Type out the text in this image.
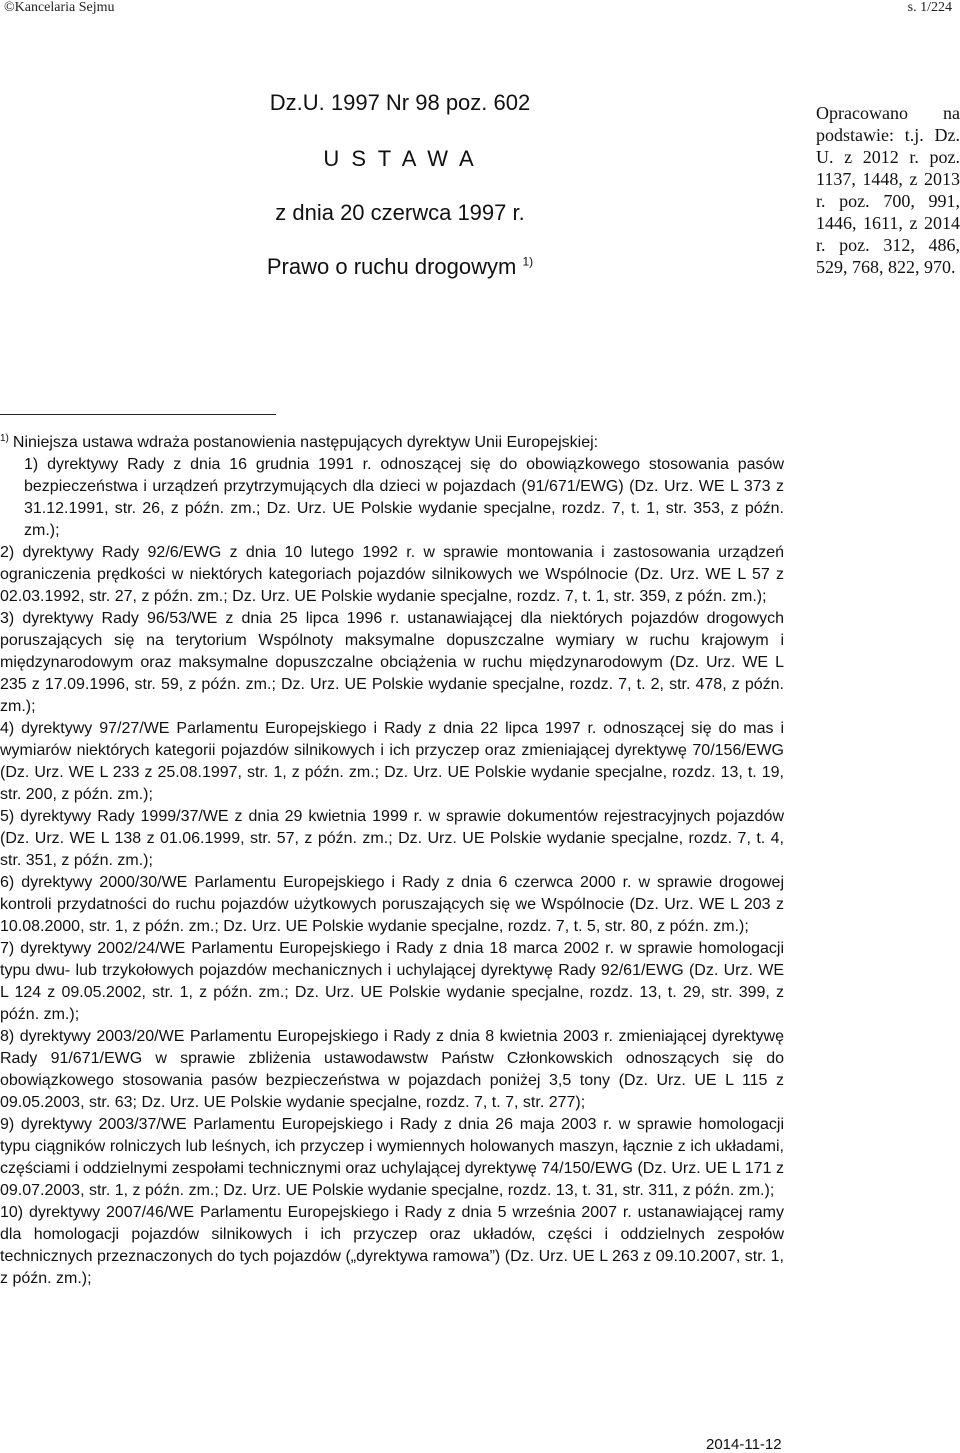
©Kancelaria Sejmu	s. 1/224
Dz.U. 1997 Nr 98 poz. 602
U S T A W A
z dnia 20 czerwca 1997 r.
Prawo o ruchu drogowym $^{1)}$
Opracowano na podstawie: t.j. Dz. U. z 2012 r. poz. 1137, 1448, z 2013 r. poz. 700, 991, 1446, 1611, z 2014 r. poz. 312, 486, 529, 768, 822, 970.
$^{1)}$ Niniejsza ustawa wdraża postanowienia następujących dyrektyw Unii Europejskiej:
1) dyrektywy Rady z dnia 16 grudnia 1991 r. odnoszącej się do obowiązkowego stosowania pasów bezpieczeństwa i urządzeń przytrzymujących dla dzieci w pojazdach (91/671/EWG) (Dz. Urz. WE L 373 z 31.12.1991, str. 26, z późn. zm.; Dz. Urz. UE Polskie wydanie specjalne, rozdz. 7, t. 1, str. 353, z późn. zm.);
2) dyrektywy Rady 92/6/EWG z dnia 10 lutego 1992 r. w sprawie montowania i zastosowania urządzeń ograniczenia prędkości w niektórych kategoriach pojazdów silnikowych we Wspólnocie (Dz. Urz. WE L 57 z 02.03.1992, str. 27, z późn. zm.; Dz. Urz. UE Polskie wydanie specjalne, rozdz. 7, t. 1, str. 359, z późn. zm.);
3) dyrektywy Rady 96/53/WE z dnia 25 lipca 1996 r. ustanawiającej dla niektórych pojazdów drogowych poruszających się na terytorium Wspólnoty maksymalne dopuszczalne wymiary w ruchu krajowym i międzynarodowym oraz maksymalne dopuszczalne obciążenia w ruchu międzynarodowym (Dz. Urz. WE L 235 z 17.09.1996, str. 59, z późn. zm.; Dz. Urz. UE Polskie wydanie specjalne, rozdz. 7, t. 2, str. 478, z późn. zm.);
4) dyrektywy 97/27/WE Parlamentu Europejskiego i Rady z dnia 22 lipca 1997 r. odnoszącej się do mas i wymiarów niektórych kategorii pojazdów silnikowych i ich przyczep oraz zmieniającej dyrektywę 70/156/EWG (Dz. Urz. WE L 233 z 25.08.1997, str. 1, z późn. zm.; Dz. Urz. UE Polskie wydanie specjalne, rozdz. 13, t. 19, str. 200, z późn. zm.);
5) dyrektywy Rady 1999/37/WE z dnia 29 kwietnia 1999 r. w sprawie dokumentów rejestracyjnych pojazdów (Dz. Urz. WE L 138 z 01.06.1999, str. 57, z późn. zm.; Dz. Urz. UE Polskie wydanie specjalne, rozdz. 7, t. 4, str. 351, z późn. zm.);
6) dyrektywy 2000/30/WE Parlamentu Europejskiego i Rady z dnia 6 czerwca 2000 r. w sprawie drogowej kontroli przydatności do ruchu pojazdów użytkowych poruszających się we Wspólnocie (Dz. Urz. WE L 203 z 10.08.2000, str. 1, z późn. zm.; Dz. Urz. UE Polskie wydanie specjalne, rozdz. 7, t. 5, str. 80, z późn. zm.);
7) dyrektywy 2002/24/WE Parlamentu Europejskiego i Rady z dnia 18 marca 2002 r. w sprawie homologacji typu dwu- lub trzykołowych pojazdów mechanicznych i uchylającej dyrektywę Rady 92/61/EWG (Dz. Urz. WE L 124 z 09.05.2002, str. 1, z późn. zm.; Dz. Urz. UE Polskie wydanie specjalne, rozdz. 13, t. 29, str. 399, z późn. zm.);
8) dyrektywy 2003/20/WE Parlamentu Europejskiego i Rady z dnia 8 kwietnia 2003 r. zmieniającej dyrektywę Rady 91/671/EWG w sprawie zbliżenia ustawodawstw Państw Członkowskich odnoszących się do obowiązkowego stosowania pasów bezpieczeństwa w pojazdach poniżej 3,5 tony (Dz. Urz. UE L 115 z 09.05.2003, str. 63; Dz. Urz. UE Polskie wydanie specjalne, rozdz. 7, t. 7, str. 277);
9) dyrektywy 2003/37/WE Parlamentu Europejskiego i Rady z dnia 26 maja 2003 r. w sprawie homologacji typu ciągników rolniczych lub leśnych, ich przyczep i wymiennych holowanych maszyn, łącznie z ich układami, częściami i oddzielnymi zespołami technicznymi oraz uchylającej dyrektywę 74/150/EWG (Dz. Urz. UE L 171 z 09.07.2003, str. 1, z późn. zm.; Dz. Urz. UE Polskie wydanie specjalne, rozdz. 13, t. 31, str. 311, z późn. zm.);
10) dyrektywy 2007/46/WE Parlamentu Europejskiego i Rady z dnia 5 września 2007 r. ustanawiającej ramy dla homologacji pojazdów silnikowych i ich przyczep oraz układów, części i oddzielnych zespołów technicznych przeznaczonych do tych pojazdów („dyrektywa ramowa”) (Dz. Urz. UE L 263 z 09.10.2007, str. 1, z późn. zm.);
2014-11-12
